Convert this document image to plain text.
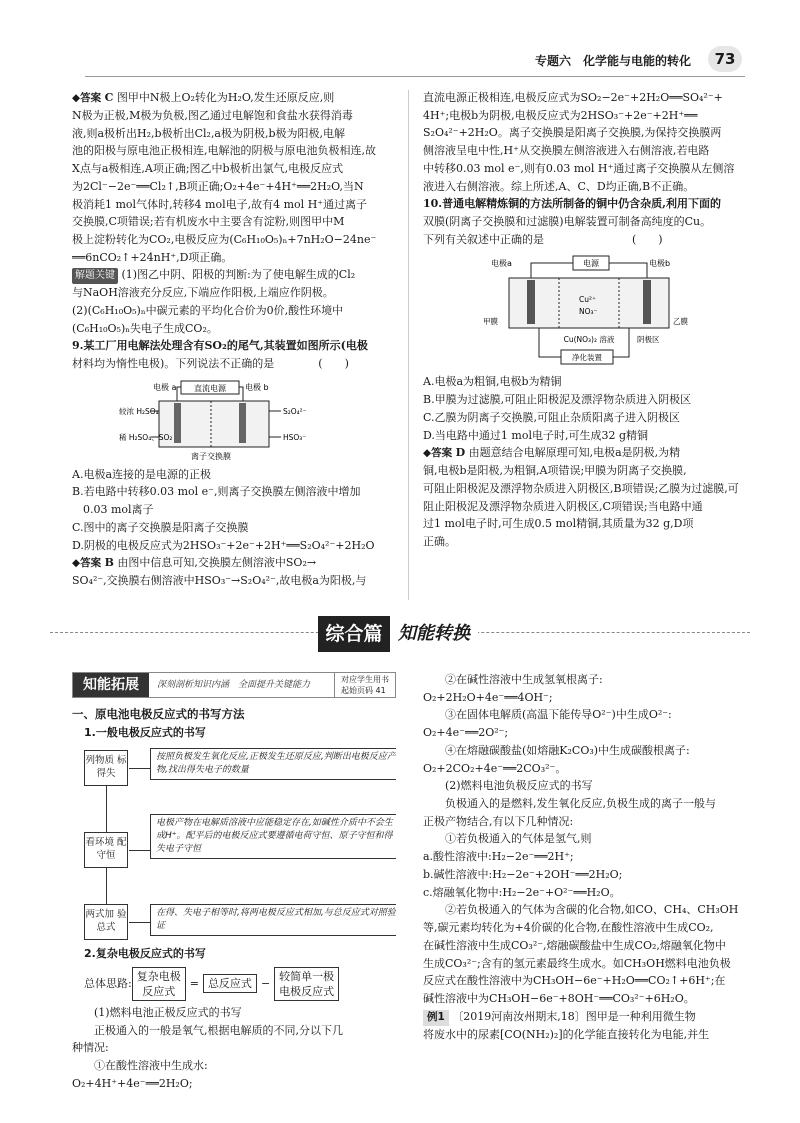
专题六　化学能与电能的转化	73

◆答案 C 图甲中N极上O₂转化为H₂O,发生还原反应,则

N极为正极,M极为负极,图乙通过电解饱和食盐水获得消毒

液,则a极析出H₂,b极析出Cl₂,a极为阴极,b极为阳极,电解

池的阳极与原电池正极相连,电解池的阴极与原电池负极相连,故

X点与a极相连,A项正确;图乙中b极析出氯气,电极反应式

为2Cl⁻−2e⁻══Cl₂↑,B项正确;O₂+4e⁻+4H⁺══2H₂O,当N

极消耗1 mol气体时,转移4 mol电子,故有4 mol H⁺通过离子

交换膜,C项错误;若有机废水中主要含有淀粉,则图甲中M

极上淀粉转化为CO₂,电极反应为(C₆H₁₀O₅)ₙ+7nH₂O−24ne⁻

══6nCO₂↑+24nH⁺,D项正确。

解题关键 (1)图乙中阴、阳极的判断:为了使电解生成的Cl₂

与NaOH溶液充分反应,下端应作阳极,上端应作阴极。

(2)(C₆H₁₀O₅)ₙ中碳元素的平均化合价为0价,酸性环境中

(C₆H₁₀O₅)ₙ失电子生成CO₂。

9.某工厂用电解法处理含有SO₂的尾气,其装置如图所示(电极

材料均为惰性电极)。下列说法不正确的是　　　　(　　)

直流电源
电极 a	电极 b
较浓 H₂SO₄
稀 H₂SO₄、SO₂
S₂O₄²⁻
HSO₃⁻
离子交换膜

A.电极a连接的是电源的正极

B.若电路中转移0.03 mol e⁻,则离子交换膜左侧溶液中增加

　0.03 mol离子

C.图中的离子交换膜是阳离子交换膜

D.阴极的电极反应式为2HSO₃⁻+2e⁻+2H⁺══S₂O₄²⁻+2H₂O

◆答案 B 由图中信息可知,交换膜左侧溶液中SO₂→

SO₄²⁻,交换膜右侧溶液中HSO₃⁻→S₂O₄²⁻,故电极a为阳极,与

直流电源正极相连,电极反应式为SO₂−2e⁻+2H₂O══SO₄²⁻+

4H⁺;电极b为阴极,电极反应式为2HSO₃⁻+2e⁻+2H⁺══

S₂O₄²⁻+2H₂O。离子交换膜是阳离子交换膜,为保持交换膜两

侧溶液呈电中性,H⁺从交换膜左侧溶液进入右侧溶液,若电路

中转移0.03 mol e⁻,则有0.03 mol H⁺通过离子交换膜从左侧溶

液进入右侧溶液。综上所述,A、C、D均正确,B不正确。

10.普通电解精炼铜的方法所制备的铜中仍含杂质,利用下面的

双膜(阴离子交换膜和过滤膜)电解装置可制备高纯度的Cu。

下列有关叙述中正确的是　　　　　　　　(　　)

电源
电极a	电极b
Cu²⁺
NO₃⁻
甲膜	乙膜
Cu(NO₃)₂ 溶液
净化装置
阴极区

A.电极a为粗铜,电极b为精铜

B.甲膜为过滤膜,可阻止阳极泥及漂浮物杂质进入阴极区

C.乙膜为阴离子交换膜,可阻止杂质阳离子进入阴极区

D.当电路中通过1 mol电子时,可生成32 g精铜

◆答案 D 由题意结合电解原理可知,电极a是阴极,为精

铜,电极b是阳极,为粗铜,A项错误;甲膜为阴离子交换膜,

可阻止阳极泥及漂浮物杂质进入阴极区,B项错误;乙膜为过滤膜,可

阻止阳极泥及漂浮物杂质进入阴极区,C项错误;当电路中通

过1 mol电子时,可生成0.5 mol精铜,其质量为32 g,D项

正确。

综合篇 知能转换
知能拓展	深刻剖析知识内涵　全面提升关键能力
对应学生用书
起始页码 41
一、原电池电极反应式的书写方法
1.一般电极反应式的书写
列物质 标得失
按照负极发生氧化反应,正极发生还原反应,判断出电极反应产物,找出得失电子的数量
看环境 配守恒
电极产物在电解质溶液中应能稳定存在,如碱性介质中不会生成H⁺。配平后的电极反应式要遵循电荷守恒、原子守恒和得失电子守恒
两式加 验总式
在得、失电子相等时,将两电极反应式相加,与总反应式对照验证
2.复杂电极反应式的书写
总体思路:
复杂电极
反应式
= 总反应式 −
较简单一极
电极反应式

(1)燃料电池正极反应式的书写

正极通入的一般是氧气,根据电解质的不同,分以下几

种情况:

①在酸性溶液中生成水:

O₂+4H⁺+4e⁻══2H₂O;

②在碱性溶液中生成氢氧根离子:

O₂+2H₂O+4e⁻══4OH⁻;

③在固体电解质(高温下能传导O²⁻)中生成O²⁻:

O₂+4e⁻══2O²⁻;

④在熔融碳酸盐(如熔融K₂CO₃)中生成碳酸根离子:

O₂+2CO₂+4e⁻══2CO₃²⁻。

(2)燃料电池负极反应式的书写

负极通入的是燃料,发生氧化反应,负极生成的离子一般与

正极产物结合,有以下几种情况:

①若负极通入的气体是氢气,则

a.酸性溶液中:H₂−2e⁻══2H⁺;

b.碱性溶液中:H₂−2e⁻+2OH⁻══2H₂O;

c.熔融氧化物中:H₂−2e⁻+O²⁻══H₂O。

②若负极通入的气体为含碳的化合物,如CO、CH₄、CH₃OH

等,碳元素均转化为+4价碳的化合物,在酸性溶液中生成CO₂,

在碱性溶液中生成CO₃²⁻,熔融碳酸盐中生成CO₂,熔融氧化物中

生成CO₃²⁻;含有的氢元素最终生成水。如CH₃OH燃料电池负极

反应式在酸性溶液中为CH₃OH−6e⁻+H₂O══CO₂↑+6H⁺;在

碱性溶液中为CH₃OH−6e⁻+8OH⁻══CO₃²⁻+6H₂O。

例1 〔2019河南汝州期末,18〕图甲是一种利用微生物

将废水中的尿素[CO(NH₂)₂]的化学能直接转化为电能,并生
